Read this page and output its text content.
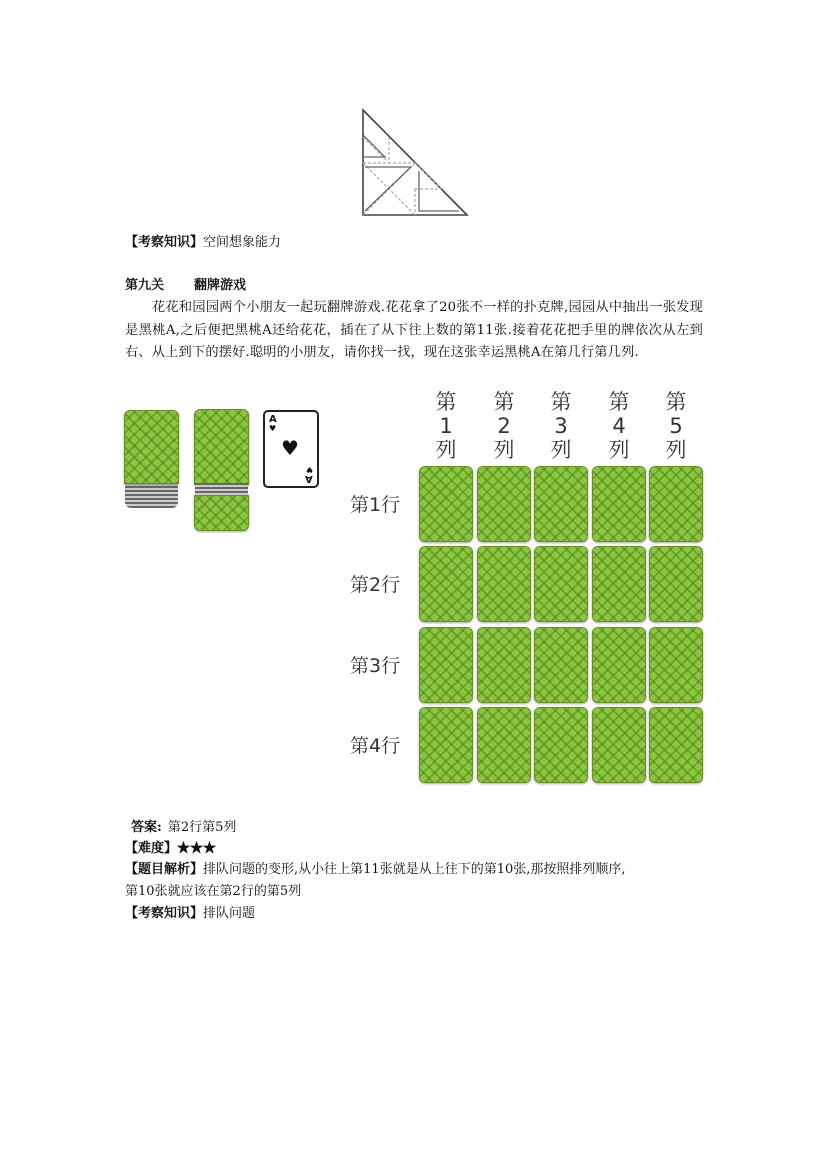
【考察知识】空间想象能力
第九关 翻牌游戏
花花和园园两个小朋友一起玩翻牌游戏.花花拿了20张不一样的扑克牌,园园从中抽出一张发现是黑桃A,之后便把黑桃A还给花花，插在了从下往上数的第11张.接着花花把手里的牌依次从左到右、从上到下的摆好.聪明的小朋友，请你找一找，现在这张幸运黑桃A在第几行第几列.
A
♥
♥
A
♥
第
1
列
第
2
列
第
3
列
第
4
列
第
5
列
第1行
第2行
第3行
第4行
答案: 第2行第5列
【难度】★★★
【题目解析】排队问题的变形,从小往上第11张就是从上往下的第10张,那按照排列顺序,
第10张就应该在第2行的第5列
【考察知识】排队问题
